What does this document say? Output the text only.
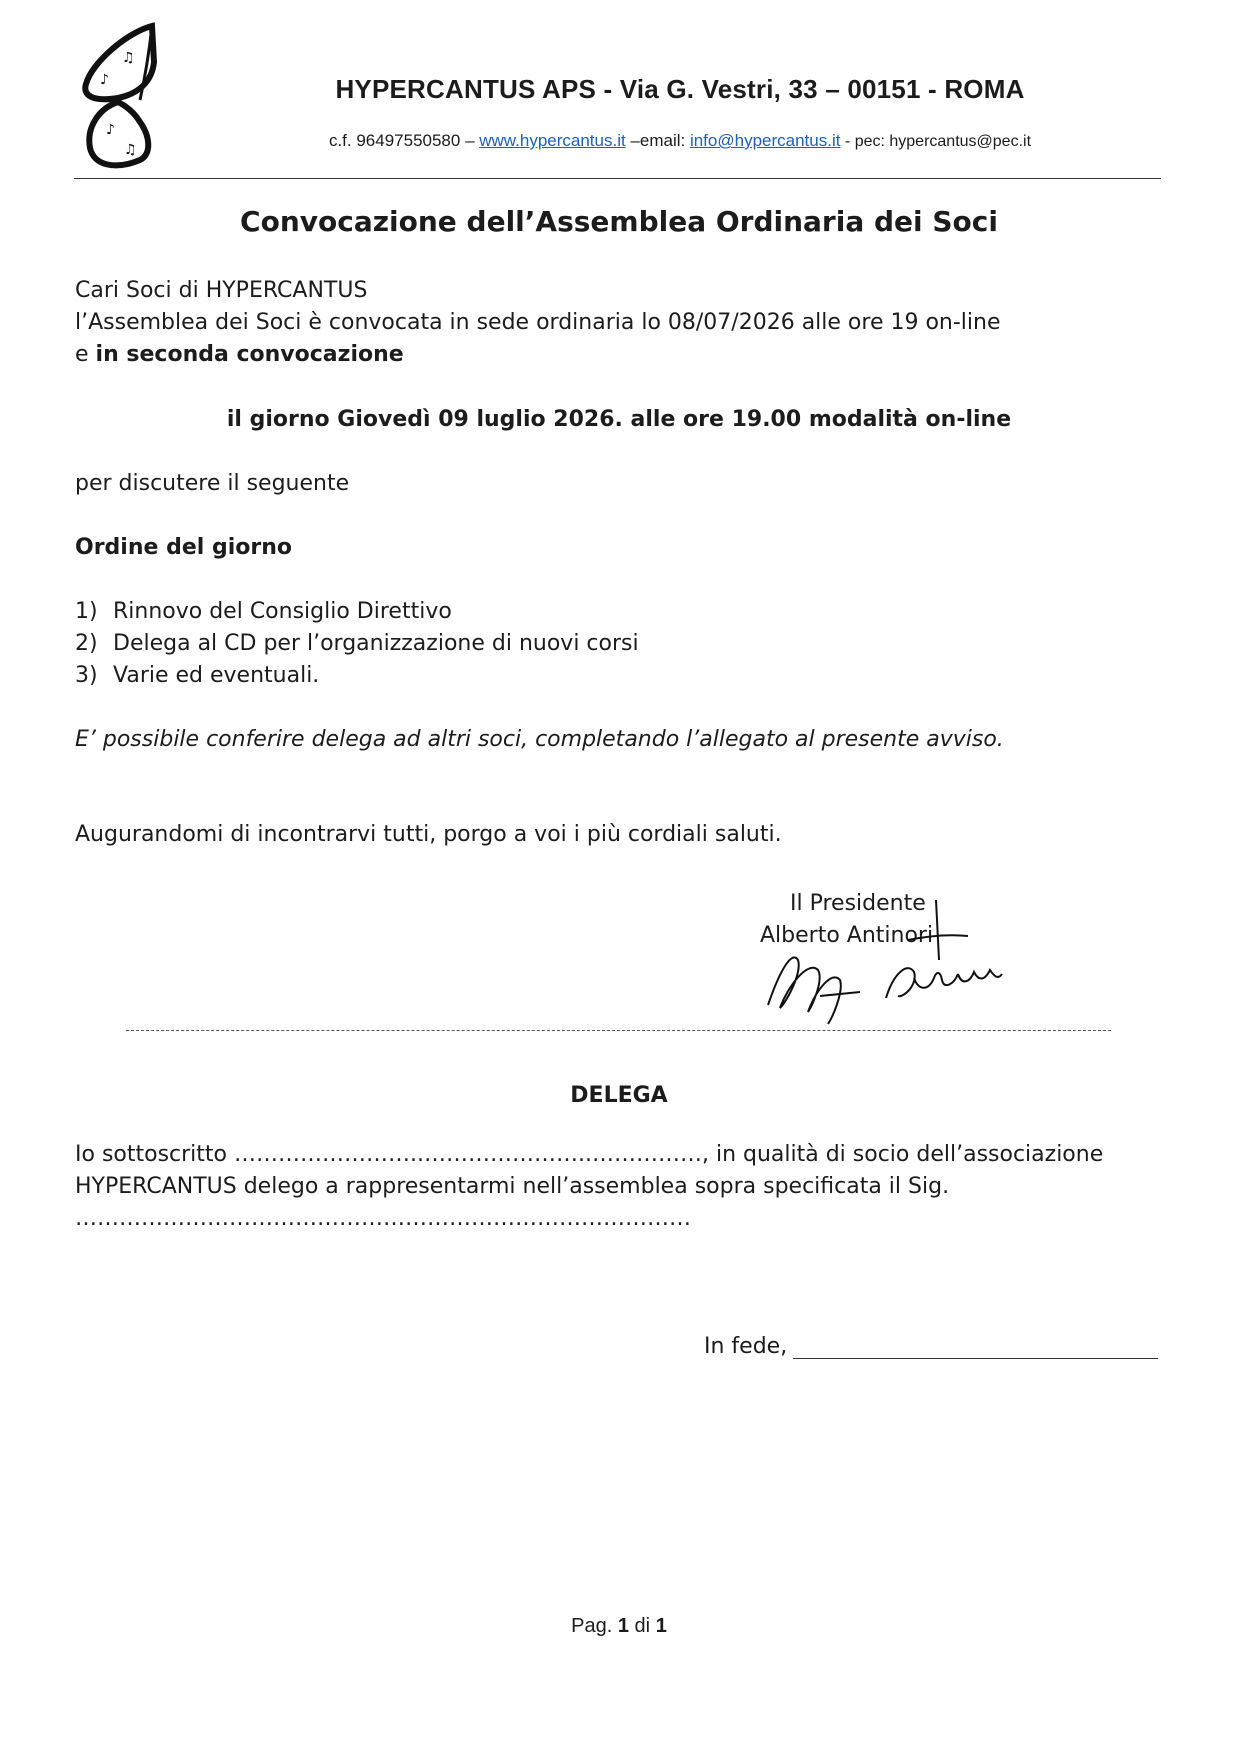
♫
♪
♪
♫
HYPERCANTUS APS - Via G. Vestri, 33 – 00151 - ROMA
c.f. 96497550580 – www.hypercantus.it –email: info@hypercantus.it - pec: hypercantus@pec.it
Convocazione dell’Assemblea Ordinaria dei Soci
Cari Soci di HYPERCANTUS
l’Assemblea dei Soci è convocata in sede ordinaria lo 08/07/2026 alle ore 19 on-line
e in seconda convocazione
il giorno Giovedì 09 luglio 2026. alle ore 19.00 modalità on-line
per discutere il seguente
Ordine del giorno
1) Rinnovo del Consiglio Direttivo
2) Delega al CD per l’organizzazione di nuovi corsi
3) Varie ed eventuali.
E’ possibile conferire delega ad altri soci, completando l’allegato al presente avviso.
Augurandomi di incontrarvi tutti, porgo a voi i più cordiali saluti.
Il Presidente
Alberto Antinori
DELEGA
Io sottoscritto ……………………..…………………..……………, in qualità di socio dell’associazione
HYPERCANTUS delego a rappresentarmi nell’assemblea sopra specificata il Sig.
…………………………………………………………………………
In fede,
Pag. 1 di 1
